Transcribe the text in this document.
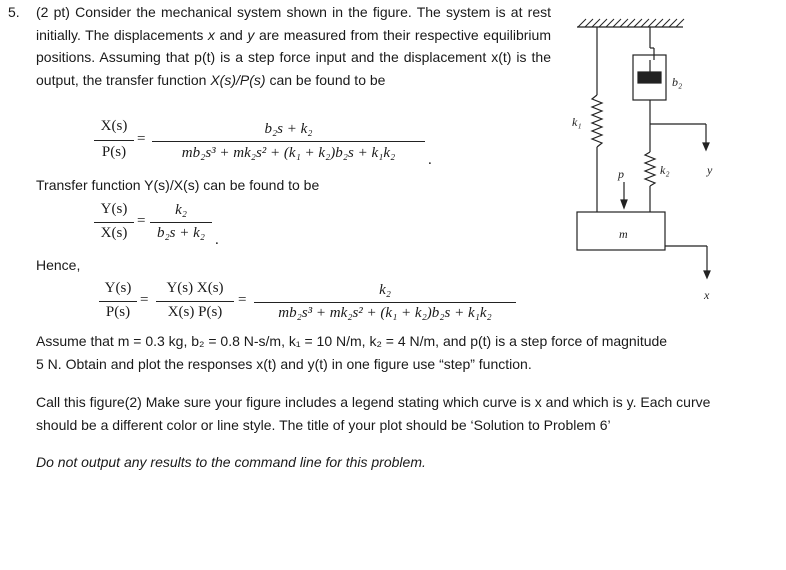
5. (2 pt) Consider the mechanical system shown in the figure. The system is at rest initially. The displacements x and y are measured from their respective equilibrium positions. Assuming that p(t) is a step force input and the displacement x(t) is the output, the transfer function X(s)/P(s) can be found to be

X(s)
P(s)
=
b₂s + k₂
mb₂s³ + mk₂s² + (k₁ + k₂)b₂s + k₁k₂	.
Transfer function Y(s)/X(s) can be found to be
Y(s)
X(s)
=
k₂
b₂s + k₂ .
Hence,
Y(s)
P(s)
=
Y(s) X(s)
X(s) P(s)
=
k₂
mb₂s³ + mk₂s² + (k₁ + k₂)b₂s + k₁k₂
Assume that m = 0.3 kg, b₂ = 0.8 N-s/m, k₁ = 10 N/m, k₂ = 4 N/m, and p(t) is a step force of magnitude
5 N. Obtain and plot the responses x(t) and y(t) in one figure use “step” function.
Call this figure(2) Make sure your figure includes a legend stating which curve is x and which is y. Each curve should be a different color or line style. The title of your plot should be ‘Solution to Problem 6’
Do not output any results to the command line for this problem.
b₂
k₁
k₂
p	y
m
x
